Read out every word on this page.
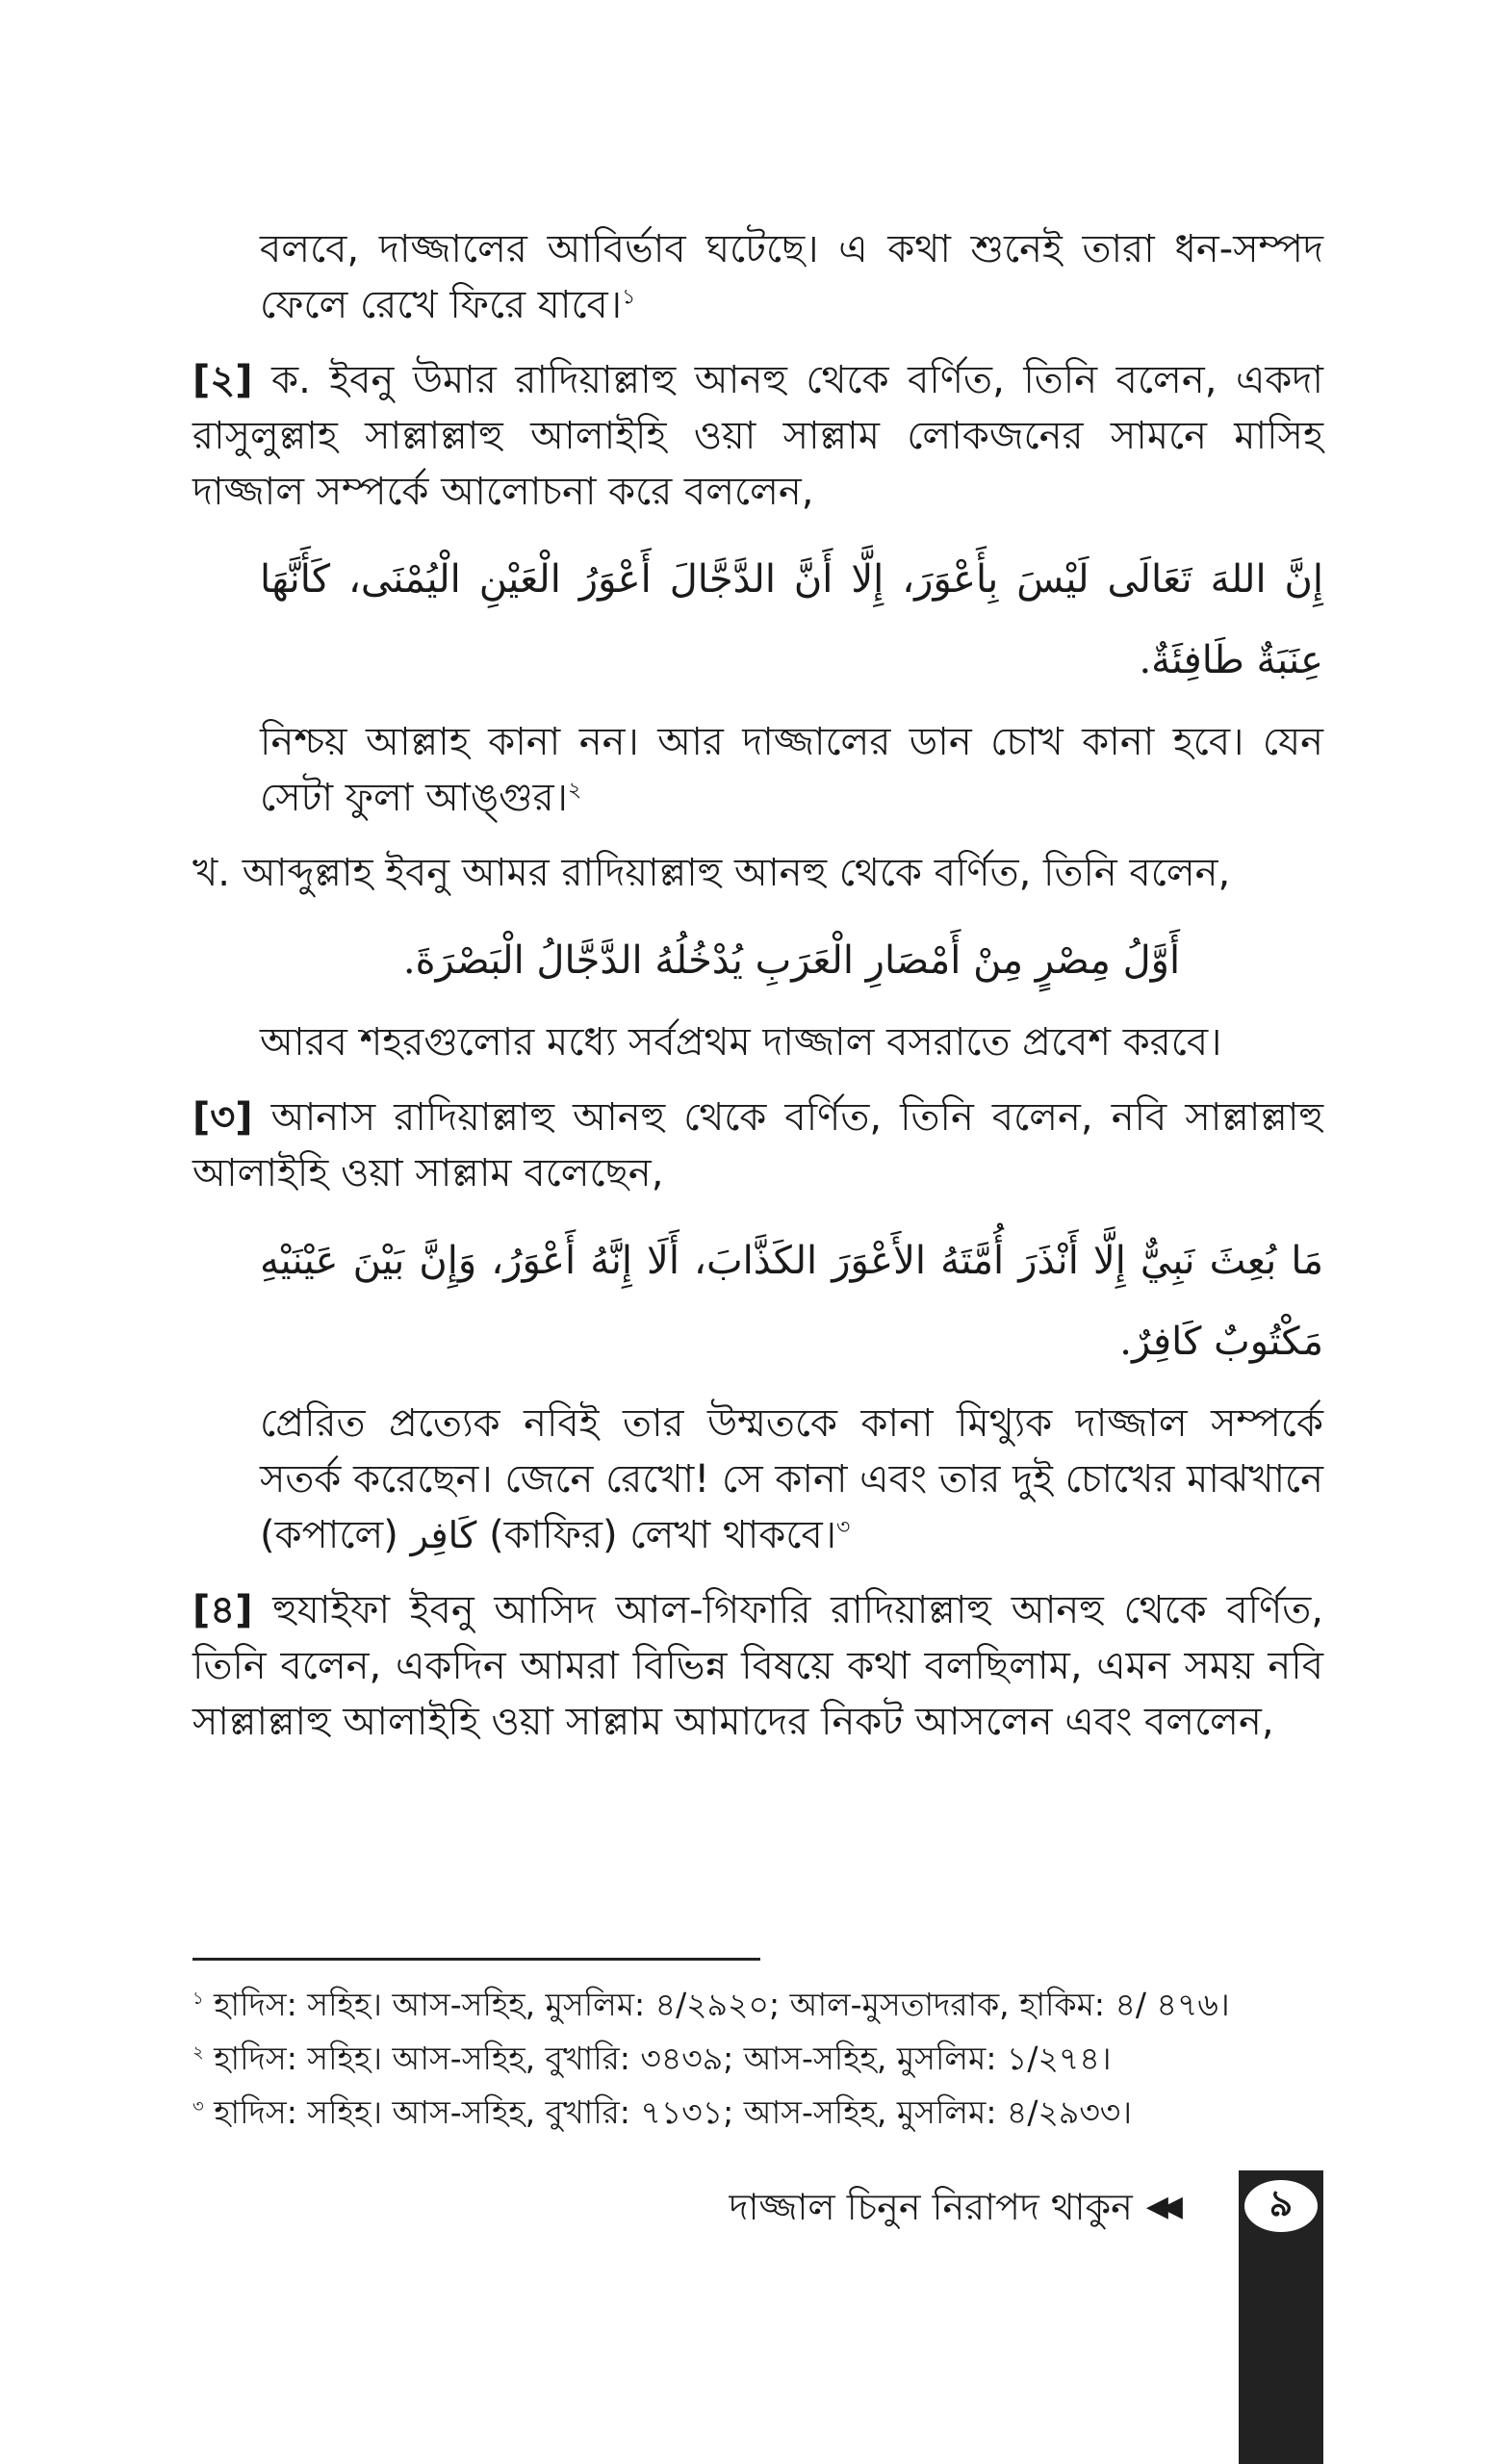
বলবে, দাজ্জালের আবির্ভাব ঘটেছে। এ কথা শুনেই তারা ধন-সম্পদ ফেলে রেখে ফিরে যাবে।$^১$

[২] ক. ইবনু উমার রাদিয়াল্লাহু আনহু থেকে বর্ণিত, তিনি বলেন, একদা রাসুলুল্লাহ সাল্লাল্লাহু আলাইহি ওয়া সাল্লাম লোকজনের সামনে মাসিহ দাজ্জাল সম্পর্কে আলোচনা করে বললেন,

إِنَّ اللهَ تَعَالَى لَيْسَ بِأَعْوَرَ، إِلَّا أَنَّ الدَّجَّالَ أَعْوَرُ الْعَيْنِ الْيُمْنَى، كَأَنَّهَا عِنَبَةٌ طَافِئَةٌ.

নিশ্চয় আল্লাহ কানা নন। আর দাজ্জালের ডান চোখ কানা হবে। যেন সেটা ফুলা আঙ্গুর।$^২$

খ. আব্দুল্লাহ ইবনু আমর রাদিয়াল্লাহু আনহু থেকে বর্ণিত, তিনি বলেন,

أَوَّلُ مِصْرٍ مِنْ أَمْصَارِ الْعَرَبِ يُدْخُلُهُ الدَّجَّالُ الْبَصْرَةَ.

আরব শহরগুলোর মধ্যে সর্বপ্রথম দাজ্জাল বসরাতে প্রবেশ করবে।

[৩] আনাস রাদিয়াল্লাহু আনহু থেকে বর্ণিত, তিনি বলেন, নবি সাল্লাল্লাহু আলাইহি ওয়া সাল্লাম বলেছেন,

مَا بُعِثَ نَبِيٌّ إِلَّا أَنْذَرَ أُمَّتَهُ الأَعْوَرَ الكَذَّابَ، أَلَا إِنَّهُ أَعْوَرُ، وَإِنَّ بَيْنَ عَيْنَيْهِ مَكْتُوبٌ كَافِرٌ.

প্রেরিত প্রত্যেক নবিই তার উম্মতকে কানা মিথ্যুক দাজ্জাল সম্পর্কে সতর্ক করেছেন। জেনে রেখো! সে কানা এবং তার দুই চোখের মাঝখানে (কপালে) كَافِر (কাফির) লেখা থাকবে।$^৩$

[৪] হুযাইফা ইবনু আসিদ আল-গিফারি রাদিয়াল্লাহু আনহু থেকে বর্ণিত, তিনি বলেন, একদিন আমরা বিভিন্ন বিষয়ে কথা বলছিলাম, এমন সময় নবি সাল্লাল্লাহু আলাইহি ওয়া সাল্লাম আমাদের নিকট আসলেন এবং বললেন,

$^১$ হাদিস: সহিহ। আস-সহিহ, মুসলিম: ৪/২৯২০; আল-মুসতাদরাক, হাকিম: ৪/ ৪৭৬।

$^২$ হাদিস: সহিহ। আস-সহিহ, বুখারি: ৩৪৩৯; আস-সহিহ, মুসলিম: ১/২৭৪।

$^৩$ হাদিস: সহিহ। আস-সহিহ, বুখারি: ৭১৩১; আস-সহিহ, মুসলিম: ৪/২৯৩৩।

দাজ্জাল চিনুন নিরাপদ থাকুন ◀◀	৯
